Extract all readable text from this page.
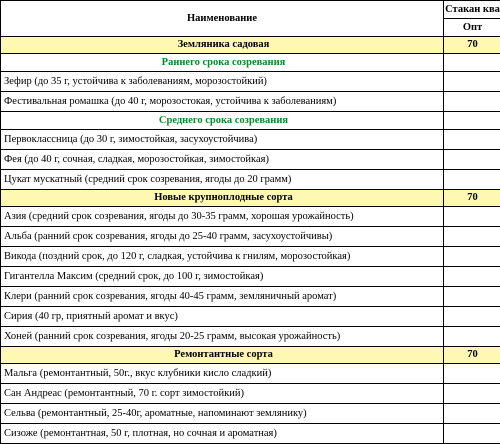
Наименование	Стакан ква
	Опт
Земляника садовая	70
Раннего срока созревания	
Зефир (до 35 г, устойчива к заболеваниям, морозостойкий)	
Фестивальная ромашка (до 40 г, морозостокая, устойчива к заболеваниям)	
Среднего срока созревания	
Первоклассница (до 30 г, зимостойкая, засухоустойчива)	
Фея (до 40 г, сочная, сладкая, морозостойкая, зимостойкая)	
Цукат мускатный (средний срок созревания, ягоды до 20 грамм)	
Новые крупноплодные сорта	70
Азия (средний срок созревания, ягоды до 30-35 грамм, хорошая урожайность)	
Альба (ранний срок созревания, ягоды до 25-40 грамм, засухоустойчивы)	
Викода (поздний срок, до 120 г, сладкая, устойчива к гнилям, морозостойкая)	
Гигантелла Максим (средний срок, до 100 г, зимостойкая)	
Клери (ранний срок созревания, ягоды 40-45 грамм, земляничный аромат)	
Сирия (40 гр, приятный аромат и вкус)	
Хоней (ранний срок созревания, ягоды 20-25 грамм, высокая урожайность)	
Ремонтантные сорта	70
Мальга (ремонтантный, 50г., вкус клубники кисло сладкий)	
Сан Андреас (ремонтантный, 70 г. сорт зимостойкий)	
Сельва (ремонтантный, 25-40г, ароматные, напоминают землянику)	
Сизоже (ремонтантная, 50 г, плотная, но сочная и ароматная)	
